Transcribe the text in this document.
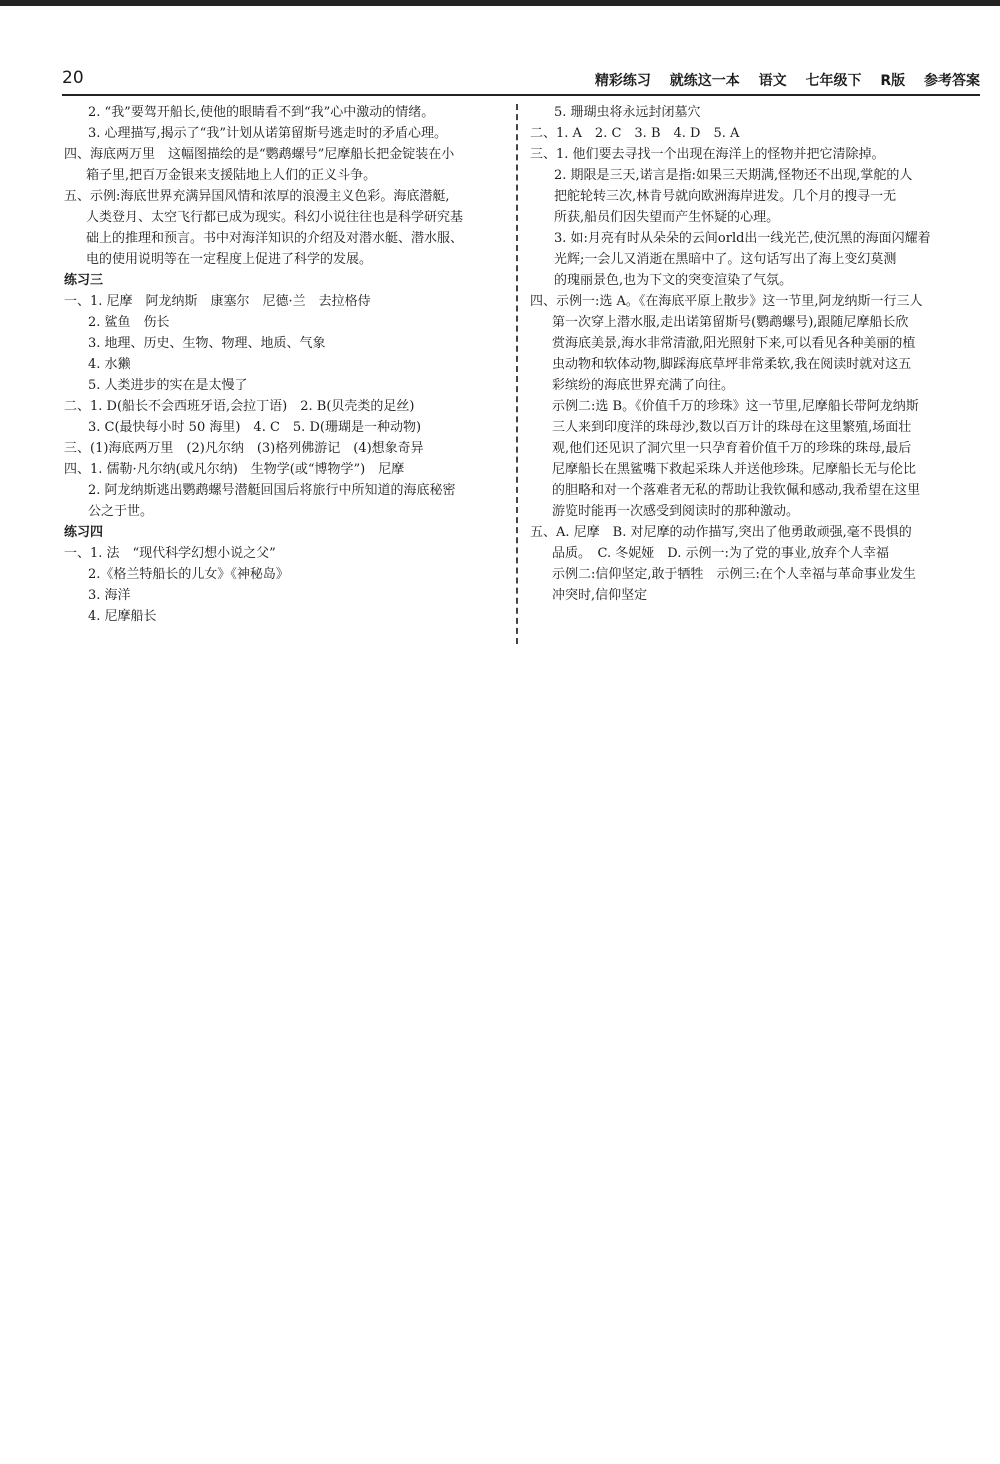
20	精彩练习 就练这一本 语文 七年级下 R版 参考答案
2. “我”要驾开船长,使他的眼睛看不到“我”心中激动的情绪。
3. 心理描写,揭示了“我”计划从诺第留斯号逃走时的矛盾心理。
四、海底两万里　这幅图描绘的是“鹦鹉螺号”尼摩船长把金锭装在小
箱子里,把百万金银来支援陆地上人们的正义斗争。
五、示例:海底世界充满异国风情和浓厚的浪漫主义色彩。海底潜艇,
人类登月、太空飞行都已成为现实。科幻小说往往也是科学研究基
础上的推理和预言。书中对海洋知识的介绍及对潜水艇、潜水服、
电的使用说明等在一定程度上促进了科学的发展。
练习三
一、1. 尼摩　阿龙纳斯　康塞尔　尼德·兰　去拉格侍
2. 鲨鱼　伤长
3. 地理、历史、生物、物理、地质、气象
4. 水獭
5. 人类进步的实在是太慢了
二、1. D(船长不会西班牙语,会拉丁语)　2. B(贝壳类的足丝)
3. C(最快每小时 50 海里)　4. C　5. D(珊瑚是一种动物)
三、(1)海底两万里　(2)凡尔纳　(3)格列佛游记　(4)想象奇异
四、1. 儒勒·凡尔纳(或凡尔纳)　生物学(或“博物学”)　尼摩
2. 阿龙纳斯逃出鹦鹉螺号潜艇回国后将旅行中所知道的海底秘密
公之于世。
练习四
一、1. 法　“现代科学幻想小说之父”
2.《格兰特船长的儿女》《神秘岛》
3. 海洋
4. 尼摩船长
5. 珊瑚虫将永远封闭墓穴
二、1. A　2. C　3. B　4. D　5. A
三、1. 他们要去寻找一个出现在海洋上的怪物并把它清除掉。
2. 期限是三天,诺言是指:如果三天期满,怪物还不出现,掌舵的人
把舵轮转三次,林肯号就向欧洲海岸进发。几个月的搜寻一无
所获,船员们因失望而产生怀疑的心理。
3. 如:月亮有时从朵朵的云间orld出一线光芒,使沉黑的海面闪耀着
光辉;一会儿又消逝在黑暗中了。这句话写出了海上变幻莫测
的瑰丽景色,也为下文的突变渲染了气氛。
四、示例一:选 A。《在海底平原上散步》这一节里,阿龙纳斯一行三人
第一次穿上潜水服,走出诺第留斯号(鹦鹉螺号),跟随尼摩船长欣
赏海底美景,海水非常清澈,阳光照射下来,可以看见各种美丽的植
虫动物和软体动物,脚踩海底草坪非常柔软,我在阅读时就对这五
彩缤纷的海底世界充满了向往。
示例二:选 B。《价值千万的珍珠》这一节里,尼摩船长带阿龙纳斯
三人来到印度洋的珠母沙,数以百万计的珠母在这里繁殖,场面壮
观,他们还见识了洞穴里一只孕育着价值千万的珍珠的珠母,最后
尼摩船长在黑鲨嘴下救起采珠人并送他珍珠。尼摩船长无与伦比
的胆略和对一个落难者无私的帮助让我钦佩和感动,我希望在这里
游览时能再一次感受到阅读时的那种激动。
五、A. 尼摩　B. 对尼摩的动作描写,突出了他勇敢顽强,毫不畏惧的
品质。　C. 冬妮娅　D. 示例一:为了党的事业,放弃个人幸福
示例二:信仰坚定,敢于牺牲　示例三:在个人幸福与革命事业发生
冲突时,信仰坚定
